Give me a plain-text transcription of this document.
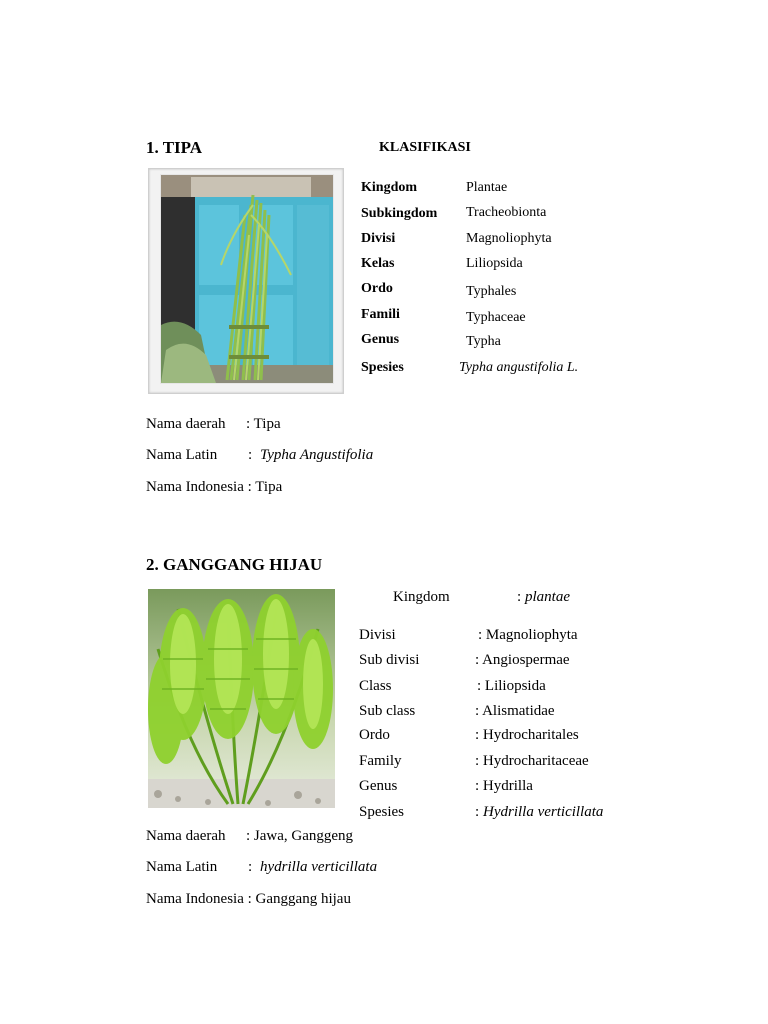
1. TIPA	KLASIFIKASI
Kingdom	Plantae
Subkingdom Tracheobionta
Divisi	Magnoliophyta
Kelas	Liliopsida
Ordo	Typhales
Famili	Typhaceae
Genus	Typha
Spesies	Typha angustifolia L.
Nama daerah : Tipa
Nama Latin : Typha Angustifolia
Nama Indonesia : Tipa
2. GANGGANG HIJAU
Kingdom	: plantae
Divisi	: Magnoliophyta
Sub divisi	: Angiospermae
Class	: Liliopsida
Sub class	: Alismatidae
Ordo	: Hydrocharitales
Family	: Hydrocharitaceae
Genus	: Hydrilla
Spesies	: Hydrilla verticillata
Nama daerah : Jawa, Ganggeng
Nama Latin : hydrilla verticillata
Nama Indonesia : Ganggang hijau
